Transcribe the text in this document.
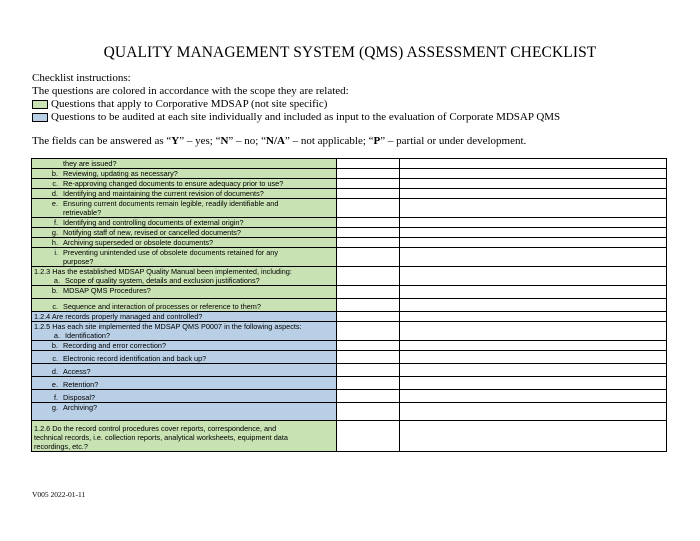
QUALITY MANAGEMENT SYSTEM (QMS) ASSESSMENT CHECKLIST
Checklist instructions:
The questions are colored in accordance with the scope they are related:
Questions that apply to Corporative MDSAP (not site specific)
Questions to be audited at each site individually and included as input to the evaluation of Corporate MDSAP QMS
The fields can be answered as “Y” – yes; “N” – no; “N/A” – not applicable; “P” – partial or under development.
they are issued?		
b. Reviewing, updating as necessary?		
c. Re-approving changed documents to ensure adequacy prior to use?		
d. Identifying and maintaining the current revision of documents?		
e. Ensuring current documents remain legible, readily identifiable and
retrievable?		

f. Identifying and controlling documents of external origin?		
g. Notifying staff of new, revised or cancelled documents?		
h. Archiving superseded or obsolete documents?		
i. Preventing unintended use of obsolete documents retained for any
purpose?		

1.2.3 Has the established MDSAP Quality Manual been implemented, including:
a. Scope of quality system, details and exclusion justifications?		

b. MDSAP QMS Procedures?		
c. Sequence and interaction of processes or reference to them?		
1.2.4 Are records properly managed and controlled?		

1.2.5 Has each site implemented the MDSAP QMS P0007 in the following aspects:
a. Identification?		

b. Recording and error correction?		
c. Electronic record identification and back up?		
d. Access?		
e. Retention?		
f. Disposal?		
g. Archiving?		

1.2.6 Do the record control procedures cover reports, correspondence, and
technical records, i.e. collection reports, analytical worksheets, equipment data
recordings, etc.?		

V005 2022-01-11
